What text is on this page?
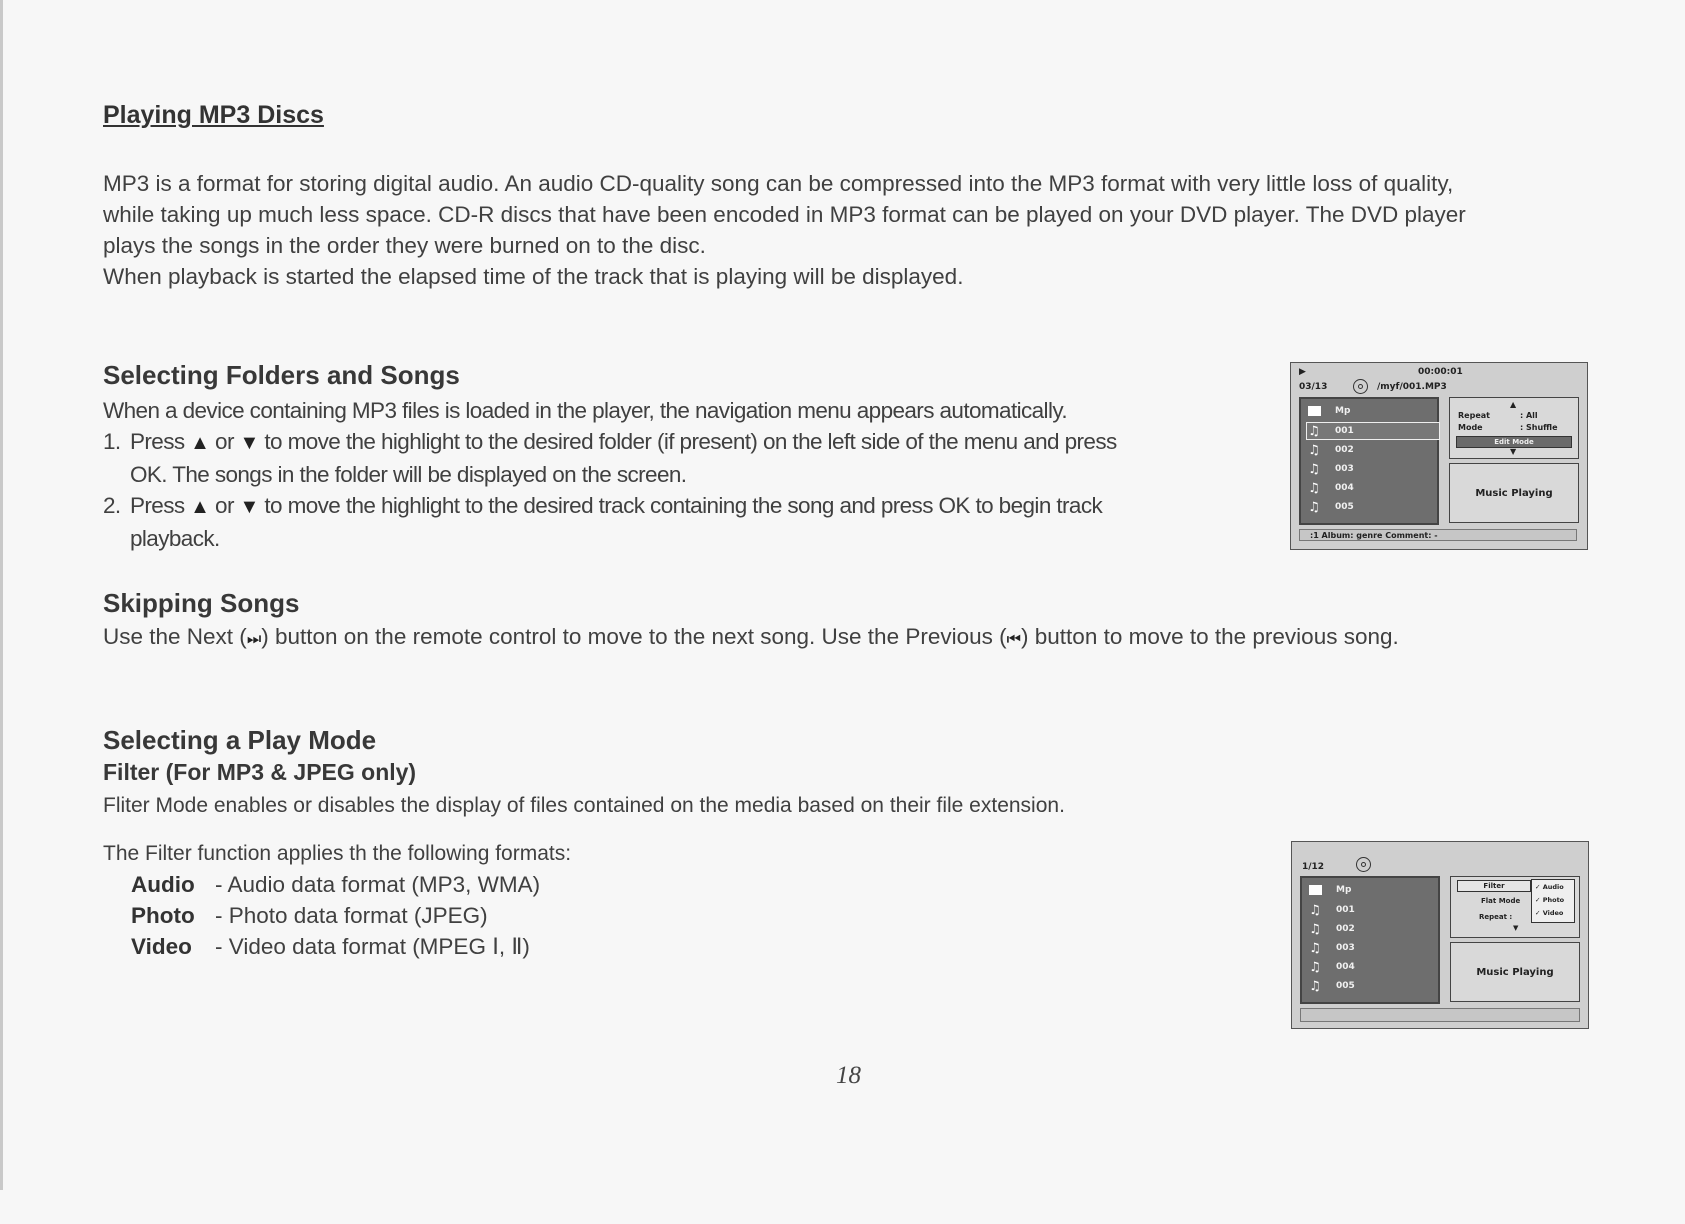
Playing MP3 Discs

MP3 is a format for storing digital audio. An audio CD-quality song can be compressed into the MP3 format with very little loss of quality,

while taking up much less space. CD-R discs that have been encoded in MP3 format can be played on your DVD player. The DVD player

plays the songs in the order they were burned on to the disc.

When playback is started the elapsed time of the track that is playing will be displayed.

Selecting Folders and Songs
When a device containing MP3 files is loaded in the player, the navigation menu appears automatically.
1. Press ▲ or ▼ to move the highlight to the desired folder (if present) on the left side of the menu and press
OK. The songs in the folder will be displayed on the screen.
2. Press ▲ or ▼ to move the highlight to the desired track containing the song and press OK to begin track
playback.
▶	00:00:01
03/13	/myf/001.MP3
Mp
♫ 001
♫ 002
♫ 003
♫ 004
♫ 005
▲
Repeat	: All
Mode	: Shuffle
Edit Mode
▼
Music Playing
:1 Album: genre Comment: -
Skipping Songs
Use the Next (⏭) button on the remote control to move to the next song. Use the Previous (⏮) button to move to the previous song.
Selecting a Play Mode
Filter (For MP3 & JPEG only)
Fliter Mode enables or disables the display of files contained on the media based on their file extension.
The Filter function applies th the following formats:
Audio - Audio data format (MP3, WMA)
Photo - Photo data format (JPEG)
Video	- Video data format (MPEG Ⅰ, Ⅱ)
1/12
Mp
♫ 001
♫ 002
♫ 003
♫ 004
♫ 005
Filter
Flat Mode
Repeat :
▼
✓ Audio
✓ Photo
✓ Video
Music Playing
18
